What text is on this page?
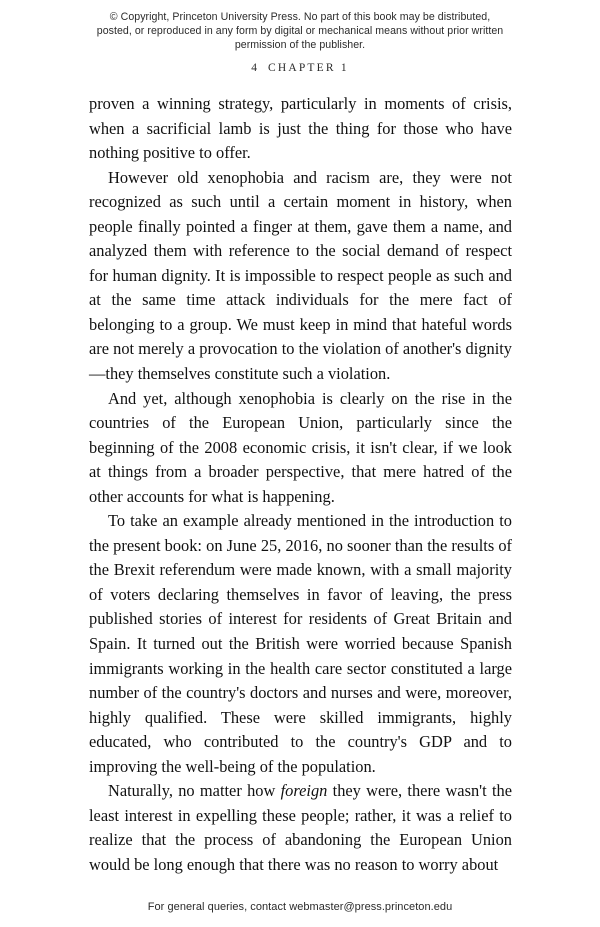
© Copyright, Princeton University Press. No part of this book may be distributed, posted, or reproduced in any form by digital or mechanical means without prior written permission of the publisher.
4 CHAPTER 1

proven a winning strategy, particularly in moments of crisis, when a sacrificial lamb is just the thing for those who have nothing positive to offer.

However old xenophobia and racism are, they were not recognized as such until a certain moment in history, when people finally pointed a finger at them, gave them a name, and analyzed them with reference to the social demand of respect for human dignity. It is impossible to respect people as such and at the same time attack individuals for the mere fact of belonging to a group. We must keep in mind that hateful words are not merely a provocation to the violation of another's dignity—they themselves constitute such a violation.

And yet, although xenophobia is clearly on the rise in the countries of the European Union, particularly since the beginning of the 2008 economic crisis, it isn't clear, if we look at things from a broader perspective, that mere hatred of the other accounts for what is happening.

To take an example already mentioned in the introduction to the present book: on June 25, 2016, no sooner than the results of the Brexit referendum were made known, with a small majority of voters declaring themselves in favor of leaving, the press published stories of interest for residents of Great Britain and Spain. It turned out the British were worried because Spanish immigrants working in the health care sector constituted a large number of the country's doctors and nurses and were, moreover, highly qualified. These were skilled immigrants, highly educated, who contributed to the country's GDP and to improving the well-being of the population.

Naturally, no matter how foreign they were, there wasn't the least interest in expelling these people; rather, it was a relief to realize that the process of abandoning the European Union would be long enough that there was no reason to worry about

For general queries, contact webmaster@press.princeton.edu
